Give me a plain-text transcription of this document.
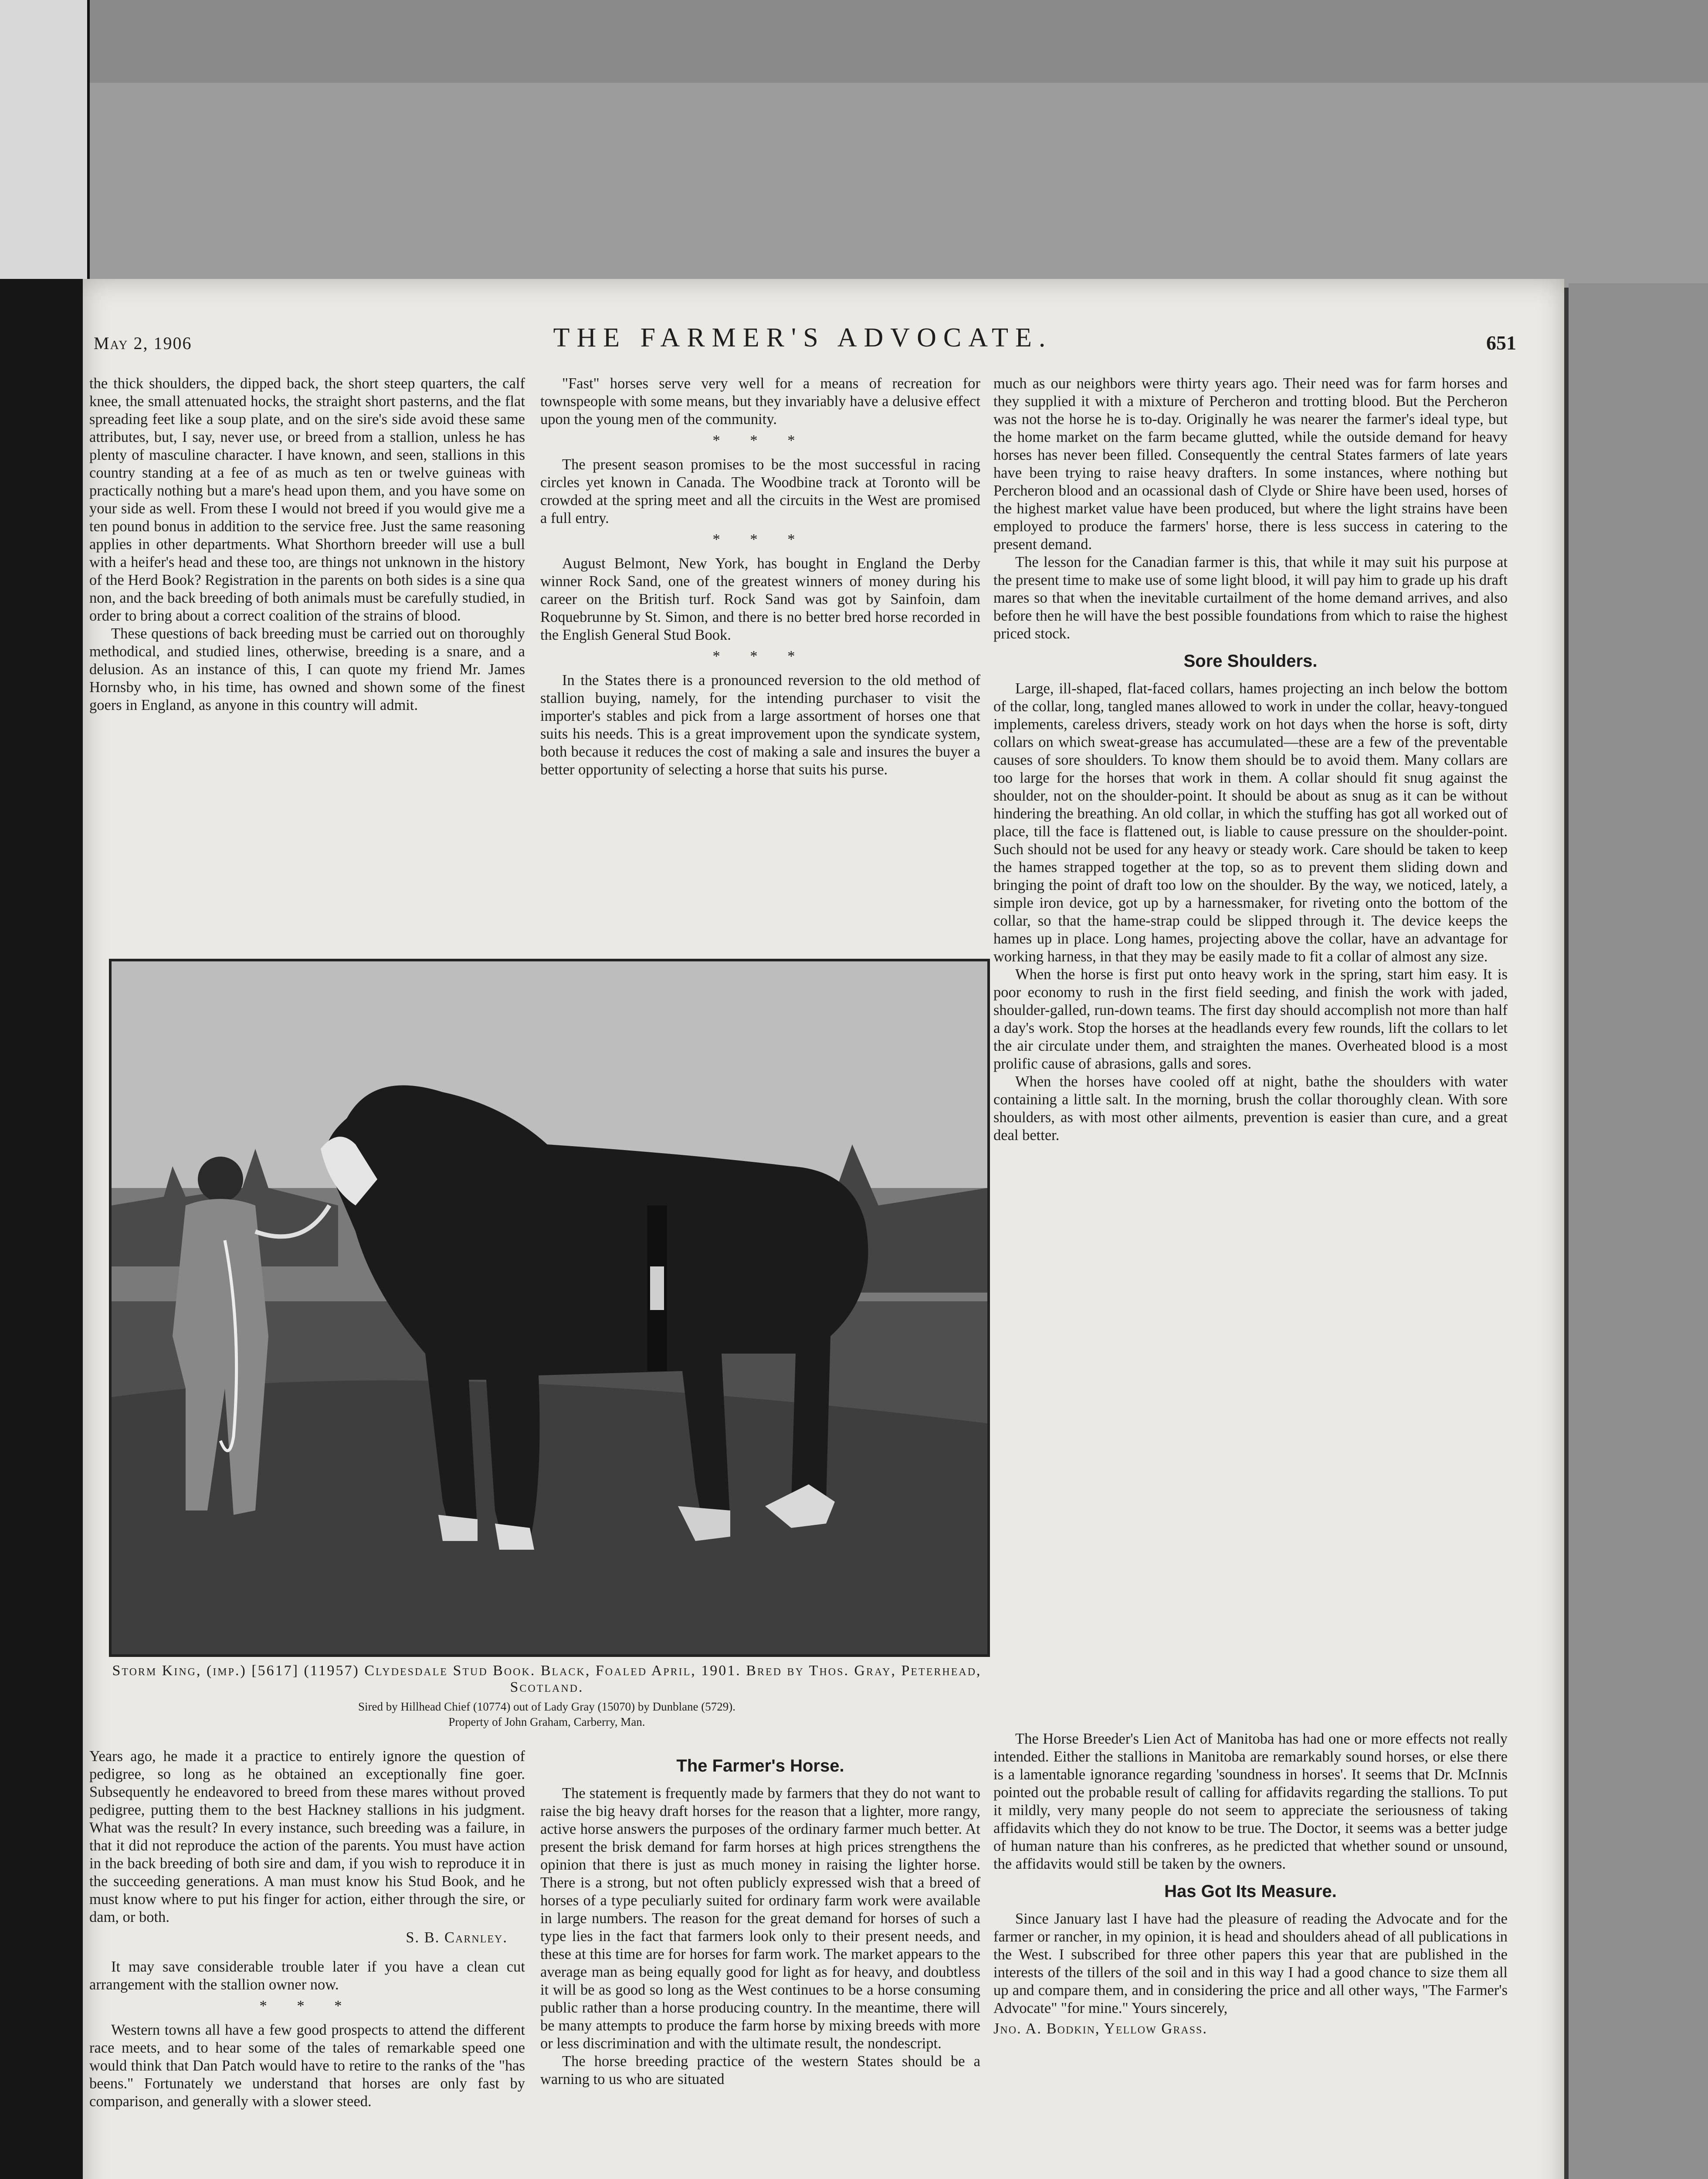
May 2, 1906	THE FARMER'S ADVOCATE.	651

the thick shoulders, the dipped back, the short steep quarters, the calf knee, the small attenuated hocks, the straight short pasterns, and the flat spreading feet like a soup plate, and on the sire's side avoid these same attributes, but, I say, never use, or breed from a stallion, unless he has plenty of masculine character. I have known, and seen, stallions in this country standing at a fee of as much as ten or twelve guineas with practically nothing but a mare's head upon them, and you have some on your side as well. From these I would not breed if you would give me a ten pound bonus in addition to the service free. Just the same reasoning applies in other departments. What Shorthorn breeder will use a bull with a heifer's head and these too, are things not unknown in the history of the Herd Book? Registration in the parents on both sides is a sine qua non, and the back breeding of both animals must be carefully studied, in order to bring about a correct coalition of the strains of blood.

These questions of back breeding must be carried out on thoroughly methodical, and studied lines, otherwise, breeding is a snare, and a delusion. As an instance of this, I can quote my friend Mr. James Hornsby who, in his time, has owned and shown some of the finest goers in England, as anyone in this country will admit.

"Fast" horses serve very well for a means of recreation for townspeople with some means, but they invariably have a delusive effect upon the young men of the community.

* * *

The present season promises to be the most successful in racing circles yet known in Canada. The Woodbine track at Toronto will be crowded at the spring meet and all the circuits in the West are promised a full entry.

* * *

August Belmont, New York, has bought in England the Derby winner Rock Sand, one of the greatest winners of money during his career on the British turf. Rock Sand was got by Sainfoin, dam Roquebrunne by St. Simon, and there is no better bred horse recorded in the English General Stud Book.

* * *

In the States there is a pronounced reversion to the old method of stallion buying, namely, for the intending purchaser to visit the importer's stables and pick from a large assortment of horses one that suits his needs. This is a great improvement upon the syndicate system, both because it reduces the cost of making a sale and insures the buyer a better opportunity of selecting a horse that suits his purse.

much as our neighbors were thirty years ago. Their need was for farm horses and they supplied it with a mixture of Percheron and trotting blood. But the Percheron was not the horse he is to-day. Originally he was nearer the farmer's ideal type, but the home market on the farm became glutted, while the outside demand for heavy horses has never been filled. Consequently the central States farmers of late years have been trying to raise heavy drafters. In some instances, where nothing but Percheron blood and an ocassional dash of Clyde or Shire have been used, horses of the highest market value have been produced, but where the light strains have been employed to produce the farmers' horse, there is less success in catering to the present demand.

The lesson for the Canadian farmer is this, that while it may suit his purpose at the present time to make use of some light blood, it will pay him to grade up his draft mares so that when the inevitable curtailment of the home demand arrives, and also before then he will have the best possible foundations from which to raise the highest priced stock.

Sore Shoulders.

Large, ill-shaped, flat-faced collars, hames projecting an inch below the bottom of the collar, long, tangled manes allowed to work in under the collar, heavy-tongued implements, careless drivers, steady work on hot days when the horse is soft, dirty collars on which sweat-grease has accumulated—these are a few of the preventable causes of sore shoulders. To know them should be to avoid them. Many collars are too large for the horses that work in them. A collar should fit snug against the shoulder, not on the shoulder-point. It should be about as snug as it can be without hindering the breathing. An old collar, in which the stuffing has got all worked out of place, till the face is flattened out, is liable to cause pressure on the shoulder-point. Such should not be used for any heavy or steady work. Care should be taken to keep the hames strapped together at the top, so as to prevent them sliding down and bringing the point of draft too low on the shoulder. By the way, we noticed, lately, a simple iron device, got up by a harnessmaker, for riveting onto the bottom of the collar, so that the hame-strap could be slipped through it. The device keeps the hames up in place. Long hames, projecting above the collar, have an advantage for working harness, in that they may be easily made to fit a collar of almost any size.

When the horse is first put onto heavy work in the spring, start him easy. It is poor economy to rush in the first field seeding, and finish the work with jaded, shoulder-galled, run-down teams. The first day should accomplish not more than half a day's work. Stop the horses at the headlands every few rounds, lift the collars to let the air circulate under them, and straighten the manes. Overheated blood is a most prolific cause of abrasions, galls and sores.

When the horses have cooled off at night, bathe the shoulders with water containing a little salt. In the morning, brush the collar thoroughly clean. With sore shoulders, as with most other ailments, prevention is easier than cure, and a great deal better.

Storm King, (imp.) [5617] (11957) Clydesdale Stud Book. Black, Foaled April, 1901. Bred by Thos. Gray, Peterhead, Scotland.
Sired by Hillhead Chief (10774) out of Lady Gray (15070) by Dunblane (5729).
Property of John Graham, Carberry, Man.

Years ago, he made it a practice to entirely ignore the question of pedigree, so long as he obtained an exceptionally fine goer. Subsequently he endeavored to breed from these mares without proved pedigree, putting them to the best Hackney stallions in his judgment. What was the result? In every instance, such breeding was a failure, in that it did not reproduce the action of the parents. You must have action in the back breeding of both sire and dam, if you wish to reproduce it in the succeeding generations. A man must know his Stud Book, and he must know where to put his finger for action, either through the sire, or dam, or both.

S. B. Carnley.

It may save considerable trouble later if you have a clean cut arrangement with the stallion owner now.

* * *

Western towns all have a few good prospects to attend the different race meets, and to hear some of the tales of remarkable speed one would think that Dan Patch would have to retire to the ranks of the "has beens." Fortunately we understand that horses are only fast by comparison, and generally with a slower steed.

The Farmer's Horse.

The statement is frequently made by farmers that they do not want to raise the big heavy draft horses for the reason that a lighter, more rangy, active horse answers the purposes of the ordinary farmer much better. At present the brisk demand for farm horses at high prices strengthens the opinion that there is just as much money in raising the lighter horse. There is a strong, but not often publicly expressed wish that a breed of horses of a type peculiarly suited for ordinary farm work were available in large numbers. The reason for the great demand for horses of such a type lies in the fact that farmers look only to their present needs, and these at this time are for horses for farm work. The market appears to the average man as being equally good for light as for heavy, and doubtless it will be as good so long as the West continues to be a horse consuming public rather than a horse producing country. In the meantime, there will be many attempts to produce the farm horse by mixing breeds with more or less discrimination and with the ultimate result, the nondescript.

The horse breeding practice of the western States should be a warning to us who are situated

The Horse Breeder's Lien Act of Manitoba has had one or more effects not really intended. Either the stallions in Manitoba are remarkably sound horses, or else there is a lamentable ignorance regarding 'soundness in horses'. It seems that Dr. McInnis pointed out the probable result of calling for affidavits regarding the stallions. To put it mildly, very many people do not seem to appreciate the seriousness of taking affidavits which they do not know to be true. The Doctor, it seems was a better judge of human nature than his confreres, as he predicted that whether sound or unsound, the affidavits would still be taken by the owners.

Has Got Its Measure.

Since January last I have had the pleasure of reading the Advocate and for the farmer or rancher, in my opinion, it is head and shoulders ahead of all publications in the West. I subscribed for three other papers this year that are published in the interests of the tillers of the soil and in this way I had a good chance to size them all up and compare them, and in considering the price and all other ways, "The Farmer's Advocate" "for mine." Yours sincerely,

Jno. A. Bodkin, Yellow Grass.
